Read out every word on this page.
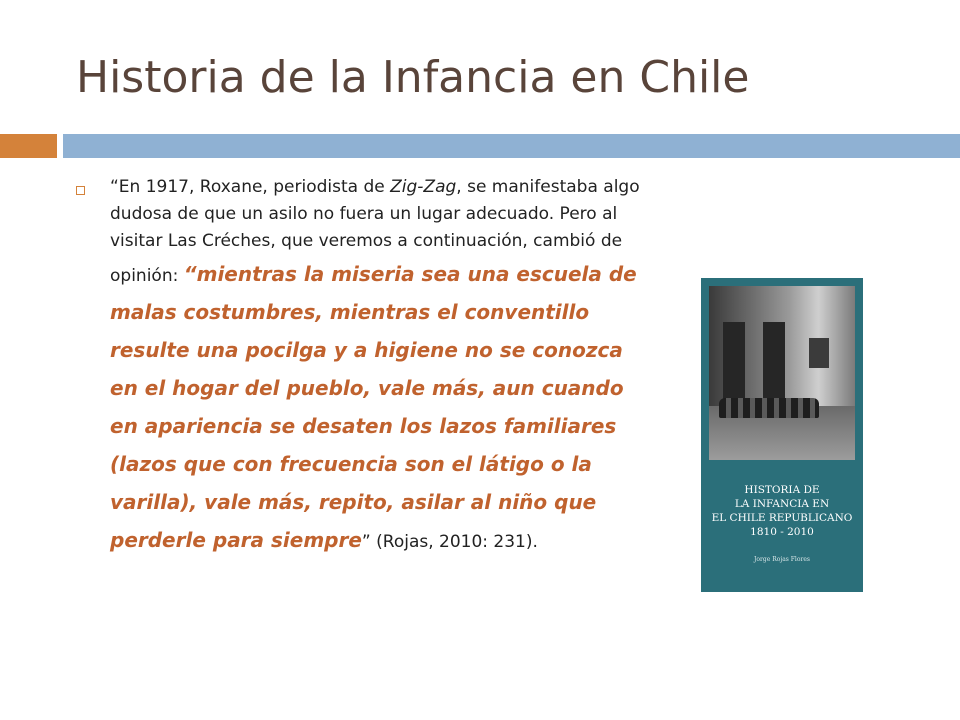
Historia de la Infancia en Chile

“En 1917, Roxane, periodista de Zig-Zag, se manifestaba algo dudosa de que un asilo no fuera un lugar adecuado. Pero al visitar Las Créches, que veremos a continuación, cambió de opinión: “mientras la miseria sea una escuela de malas costumbres, mientras el conventillo resulte una pocilga y a higiene no se conozca en el hogar del pueblo, vale más, aun cuando en apariencia se desaten los lazos familiares (lazos que con frecuencia son el látigo o la varilla), vale más, repito, asilar al niño que perderle para siempre” (Rojas, 2010: 231).

HISTORIA DE
LA INFANCIA EN
EL CHILE REPUBLICANO
1810 - 2010
Jorge Rojas Flores
